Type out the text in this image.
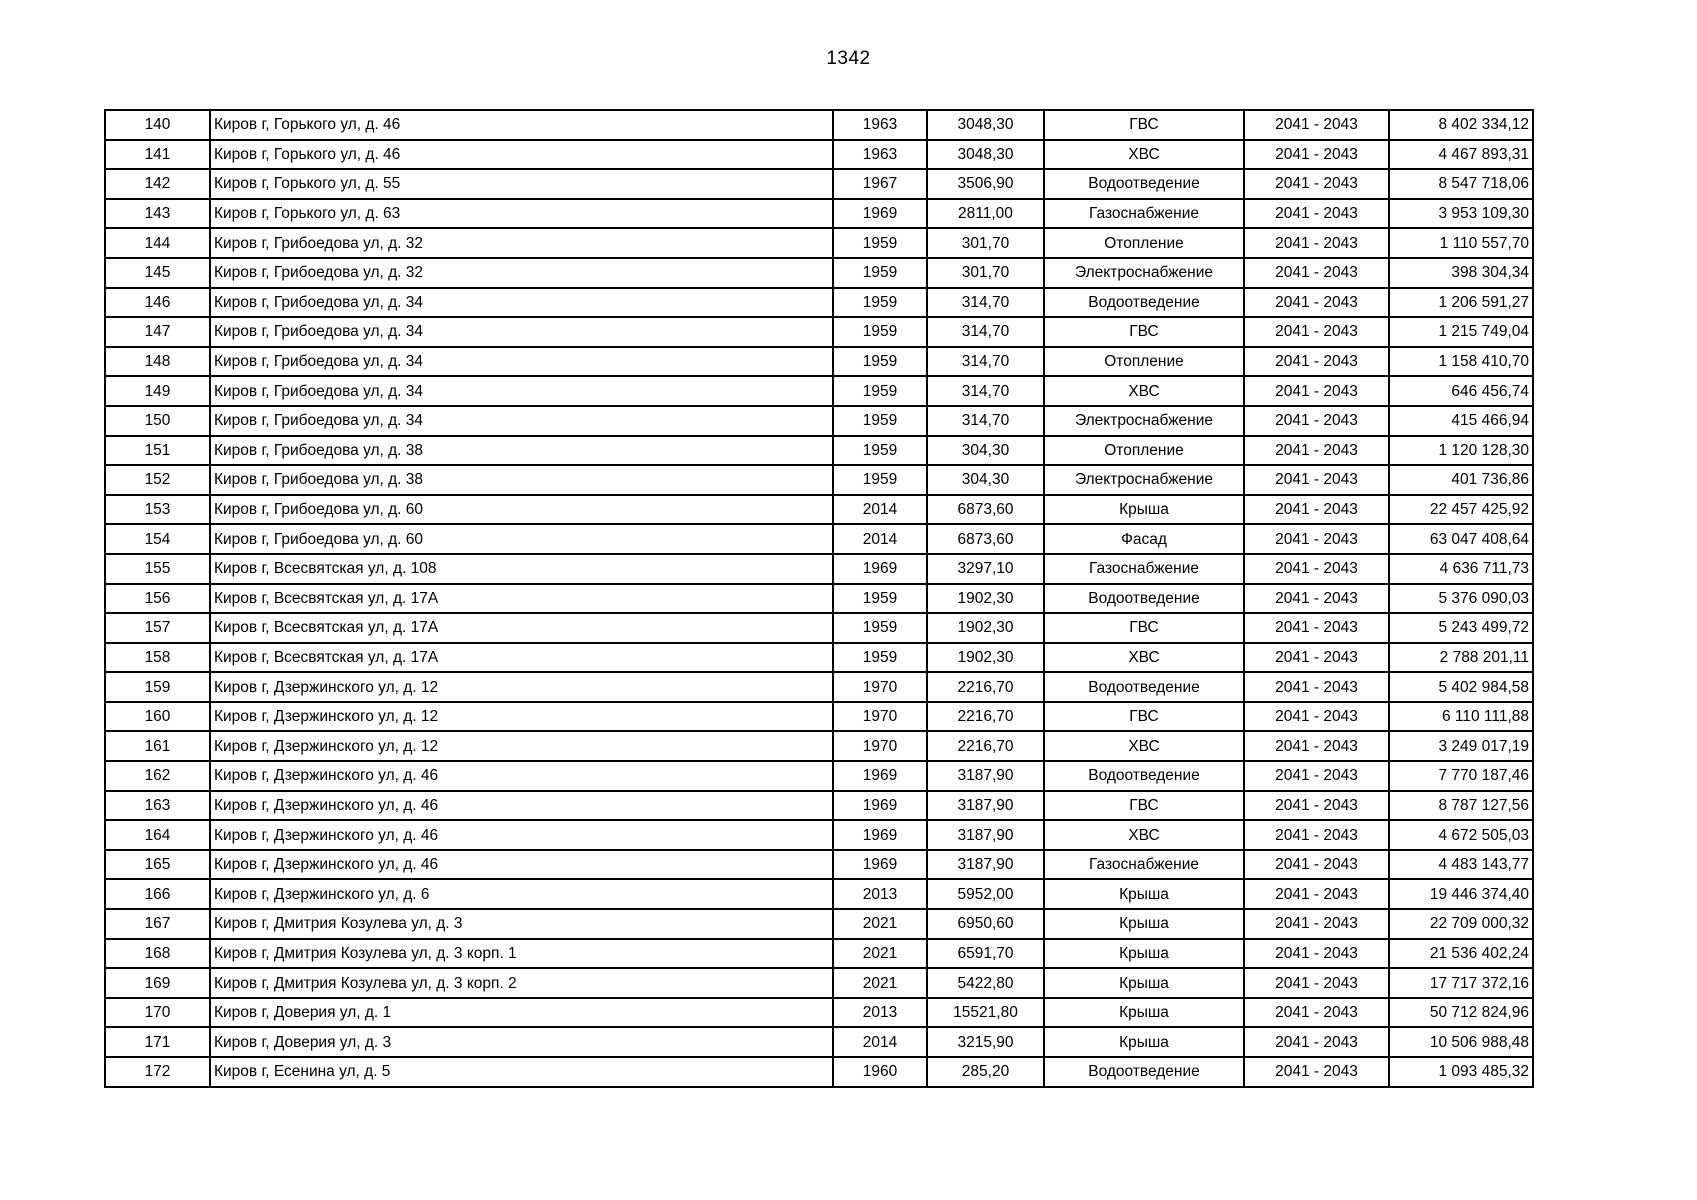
1342
140	Киров г, Горького ул, д. 46	1963	3048,30	ГВС	2041 - 2043	8 402 334,12
141	Киров г, Горького ул, д. 46	1963	3048,30	ХВС	2041 - 2043	4 467 893,31
142	Киров г, Горького ул, д. 55	1967	3506,90	Водоотведение	2041 - 2043	8 547 718,06
143	Киров г, Горького ул, д. 63	1969	2811,00	Газоснабжение	2041 - 2043	3 953 109,30
144	Киров г, Грибоедова ул, д. 32	1959	301,70	Отопление	2041 - 2043	1 110 557,70
145	Киров г, Грибоедова ул, д. 32	1959	301,70	Электроснабжение	2041 - 2043	398 304,34
146	Киров г, Грибоедова ул, д. 34	1959	314,70	Водоотведение	2041 - 2043	1 206 591,27
147	Киров г, Грибоедова ул, д. 34	1959	314,70	ГВС	2041 - 2043	1 215 749,04
148	Киров г, Грибоедова ул, д. 34	1959	314,70	Отопление	2041 - 2043	1 158 410,70
149	Киров г, Грибоедова ул, д. 34	1959	314,70	ХВС	2041 - 2043	646 456,74
150	Киров г, Грибоедова ул, д. 34	1959	314,70	Электроснабжение	2041 - 2043	415 466,94
151	Киров г, Грибоедова ул, д. 38	1959	304,30	Отопление	2041 - 2043	1 120 128,30
152	Киров г, Грибоедова ул, д. 38	1959	304,30	Электроснабжение	2041 - 2043	401 736,86
153	Киров г, Грибоедова ул, д. 60	2014	6873,60	Крыша	2041 - 2043	22 457 425,92
154	Киров г, Грибоедова ул, д. 60	2014	6873,60	Фасад	2041 - 2043	63 047 408,64
155	Киров г, Всесвятская ул, д. 108	1969	3297,10	Газоснабжение	2041 - 2043	4 636 711,73
156	Киров г, Всесвятская ул, д. 17А	1959	1902,30	Водоотведение	2041 - 2043	5 376 090,03
157	Киров г, Всесвятская ул, д. 17А	1959	1902,30	ГВС	2041 - 2043	5 243 499,72
158	Киров г, Всесвятская ул, д. 17А	1959	1902,30	ХВС	2041 - 2043	2 788 201,11
159	Киров г, Дзержинского ул, д. 12	1970	2216,70	Водоотведение	2041 - 2043	5 402 984,58
160	Киров г, Дзержинского ул, д. 12	1970	2216,70	ГВС	2041 - 2043	6 110 111,88
161	Киров г, Дзержинского ул, д. 12	1970	2216,70	ХВС	2041 - 2043	3 249 017,19
162	Киров г, Дзержинского ул, д. 46	1969	3187,90	Водоотведение	2041 - 2043	7 770 187,46
163	Киров г, Дзержинского ул, д. 46	1969	3187,90	ГВС	2041 - 2043	8 787 127,56
164	Киров г, Дзержинского ул, д. 46	1969	3187,90	ХВС	2041 - 2043	4 672 505,03
165	Киров г, Дзержинского ул, д. 46	1969	3187,90	Газоснабжение	2041 - 2043	4 483 143,77
166	Киров г, Дзержинского ул, д. 6	2013	5952,00	Крыша	2041 - 2043	19 446 374,40
167	Киров г, Дмитрия Козулева ул, д. 3	2021	6950,60	Крыша	2041 - 2043	22 709 000,32
168	Киров г, Дмитрия Козулева ул, д. 3 корп. 1	2021	6591,70	Крыша	2041 - 2043	21 536 402,24
169	Киров г, Дмитрия Козулева ул, д. 3 корп. 2	2021	5422,80	Крыша	2041 - 2043	17 717 372,16
170	Киров г, Доверия ул, д. 1	2013	15521,80	Крыша	2041 - 2043	50 712 824,96
171	Киров г, Доверия ул, д. 3	2014	3215,90	Крыша	2041 - 2043	10 506 988,48
172	Киров г, Есенина ул, д. 5	1960	285,20	Водоотведение	2041 - 2043	1 093 485,32
